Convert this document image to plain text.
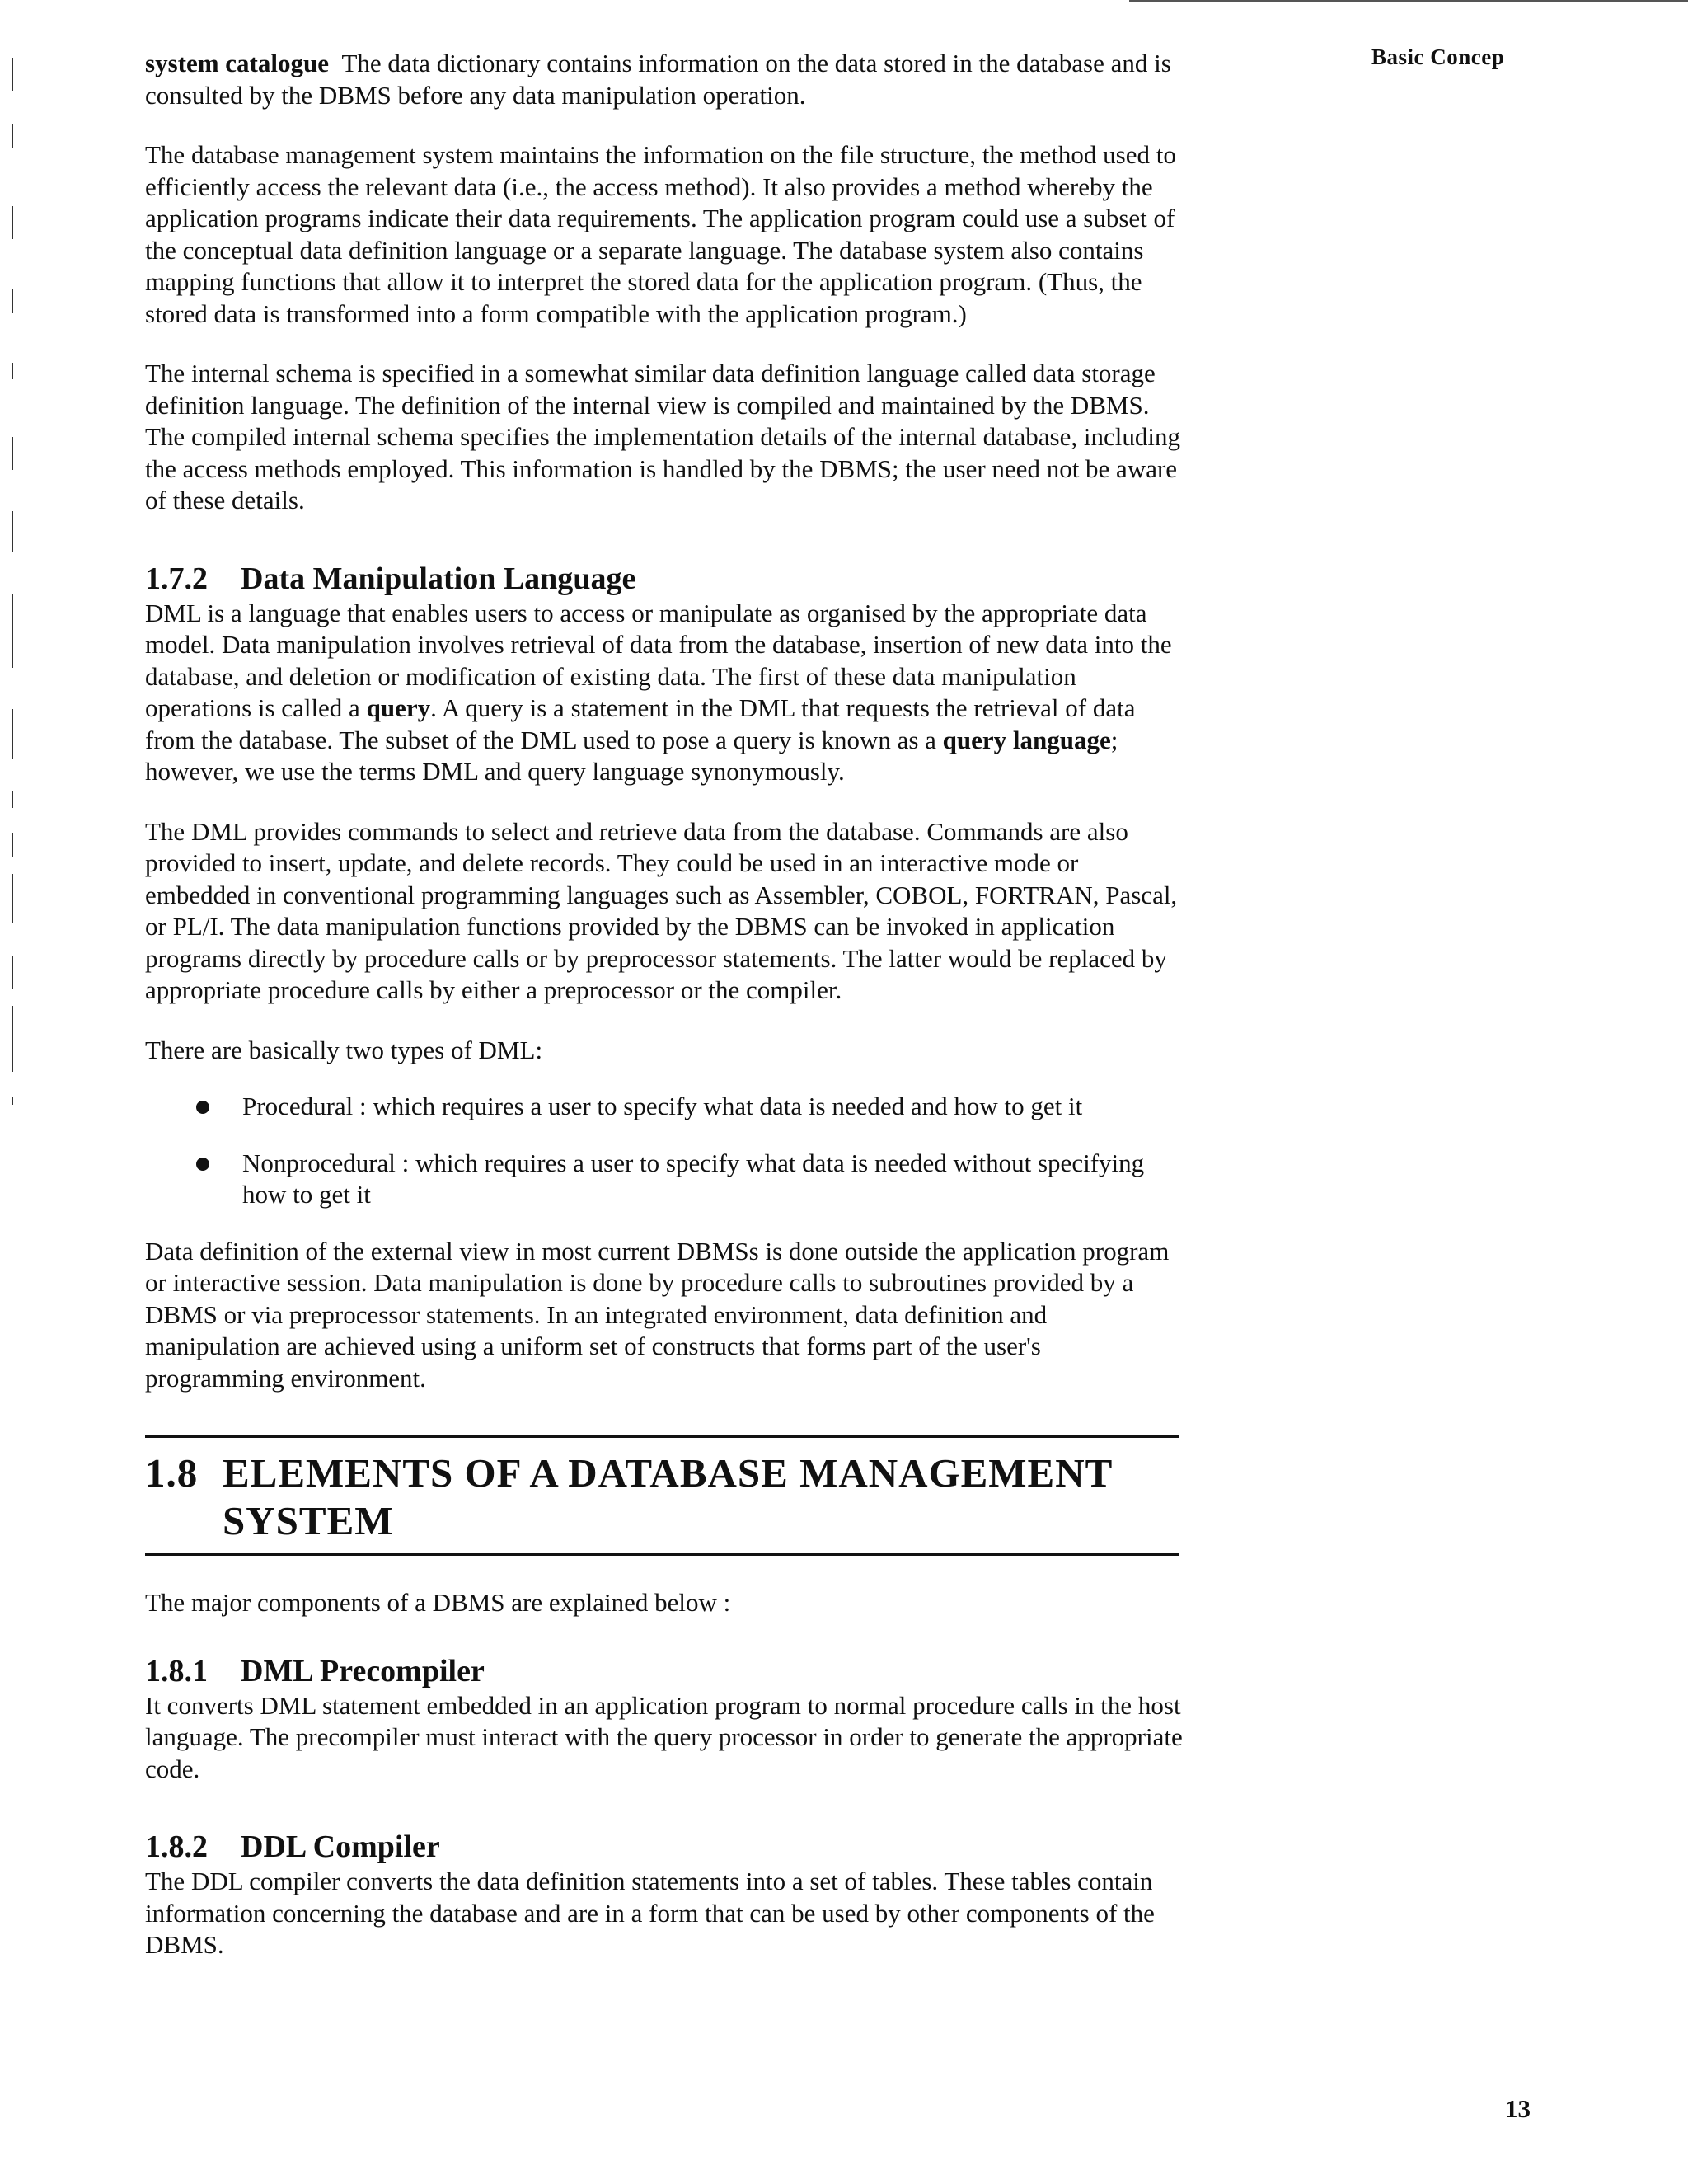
Basic Concep

system catalogue The data dictionary contains information on the data stored in the database and is consulted by the DBMS before any data manipulation operation.

The database management system maintains the information on the file structure, the method used to efficiently access the relevant data (i.e., the access method). It also provides a method whereby the application programs indicate their data requirements. The application program could use a subset of the conceptual data definition language or a separate language. The database system also contains mapping functions that allow it to interpret the stored data for the application program. (Thus, the stored data is transformed into a form compatible with the application program.)

The internal schema is specified in a somewhat similar data definition language called data storage definition language. The definition of the internal view is compiled and maintained by the DBMS. The compiled internal schema specifies the implementation details of the internal database, including the access methods employed. This information is handled by the DBMS; the user need not be aware of these details.

1.7.2 Data Manipulation Language

DML is a language that enables users to access or manipulate as organised by the appropriate data model. Data manipulation involves retrieval of data from the database, insertion of new data into the database, and deletion or modification of existing data. The first of these data manipulation operations is called a query. A query is a statement in the DML that requests the retrieval of data from the database. The subset of the DML used to pose a query is known as a query language; however, we use the terms DML and query language synonymously.

The DML provides commands to select and retrieve data from the database. Commands are also provided to insert, update, and delete records. They could be used in an interactive mode or embedded in conventional programming languages such as Assembler, COBOL, FORTRAN, Pascal, or PL/I. The data manipulation functions provided by the DBMS can be invoked in application programs directly by procedure calls or by preprocessor statements. The latter would be replaced by appropriate procedure calls by either a preprocessor or the compiler.

There are basically two types of DML:

Procedural : which requires a user to specify what data is needed and how to get it
Nonprocedural : which requires a user to specify what data is needed without specifying how to get it

Data definition of the external view in most current DBMSs is done outside the application program or interactive session. Data manipulation is done by procedure calls to subroutines provided by a DBMS or via preprocessor statements. In an integrated environment, data definition and manipulation are achieved using a uniform set of constructs that forms part of the user's programming environment.

1.8 ELEMENTS OF A DATABASE MANAGEMENT
SYSTEM

The major components of a DBMS are explained below :

1.8.1 DML Precompiler

It converts DML statement embedded in an application program to normal procedure calls in the host language. The precompiler must interact with the query processor in order to generate the appropriate code.

1.8.2 DDL Compiler

The DDL compiler converts the data definition statements into a set of tables. These tables contain information concerning the database and are in a form that can be used by other components of the DBMS.

13
